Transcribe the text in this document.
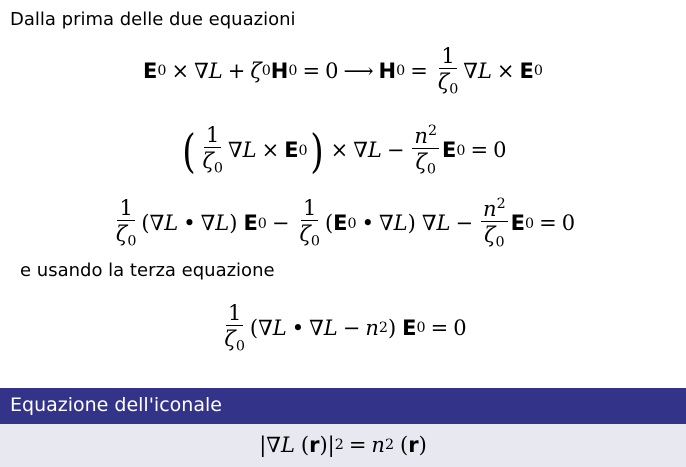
Dalla prima delle due equazioni
E 0 × ∇ L + ζ 0 H 0 = 0 ⟶ H $0 = \frac{1}{\zeta_0}$ ∇ L × E 0
( $\frac{1}{\zeta_0}$ ∇ L × E 0 ) × ∇ $L - \frac{n^2}{\zeta_0}$ E 0 = 0
$\frac{1}{\zeta_0}$ ( ∇ L • ∇ L ) E $0 - \frac{1}{\zeta_0}$ ( E 0 • ∇ L ) ∇ $L - \frac{n^2}{\zeta_0}$ E 0 = 0
e usando la terza equazione
$\frac{1}{\zeta_0}$ ( ∇ L • ∇ L − n 2 ) E 0 = 0
Equazione dell'iconale
| ∇ L ( r ) | 2 = n 2 ( r )
